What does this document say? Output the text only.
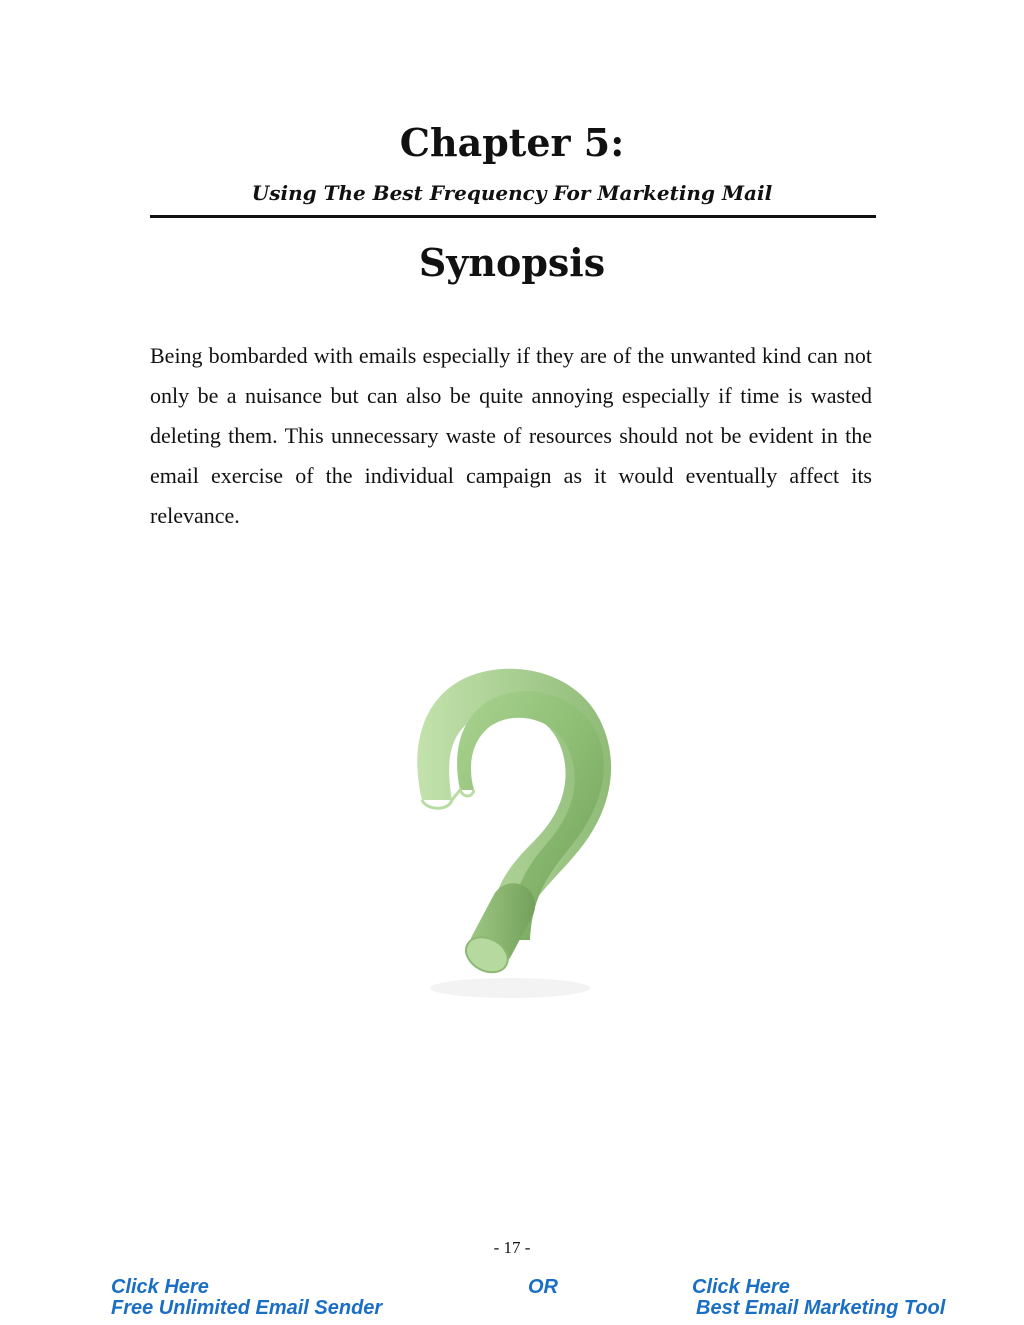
Chapter 5:
Using The Best Frequency For Marketing Mail
Synopsis

Being bombarded with emails especially if they are of the unwanted kind can not only be a nuisance but can also be quite annoying especially if time is wasted deleting them. This unnecessary waste of resources should not be evident in the email exercise of the individual campaign as it would eventually affect its relevance.

- 17 -
Click Here
Free Unlimited Email Sender
OR	Click Here
Best Email Marketing Tool
